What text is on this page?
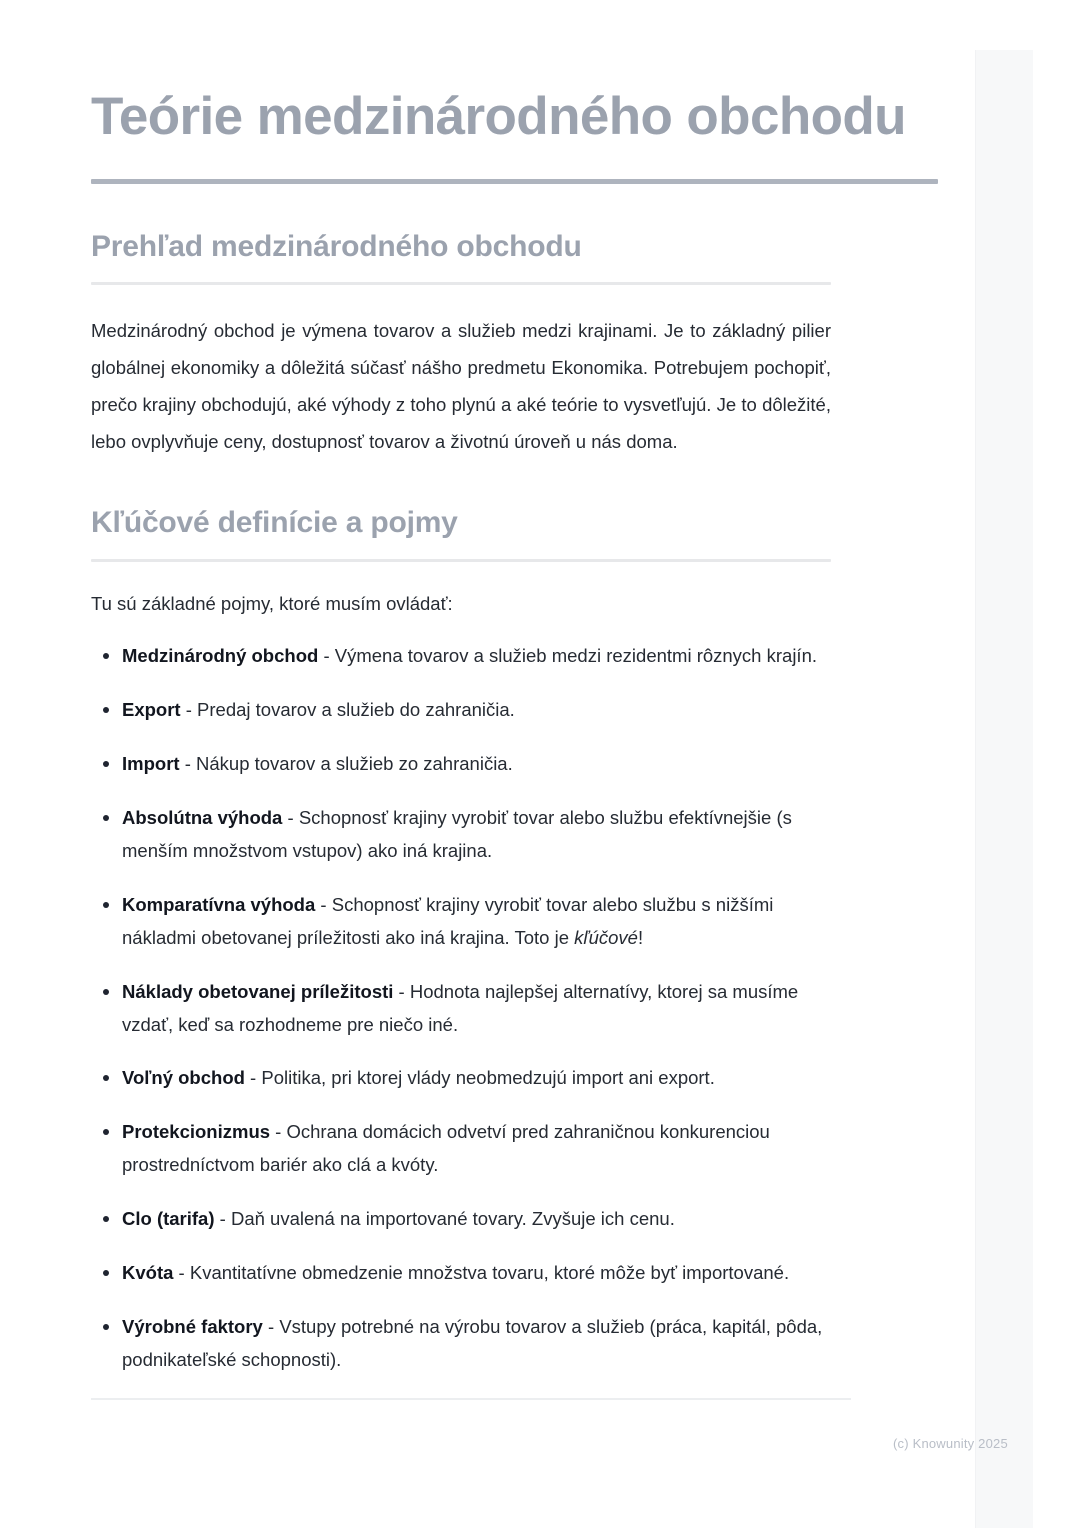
Teórie medzinárodného obchodu
Prehľad medzinárodného obchodu

Medzinárodný obchod je výmena tovarov a služieb medzi krajinami. Je to základný pilier globálnej ekonomiky a dôležitá súčasť nášho predmetu Ekonomika. Potrebujem pochopiť, prečo krajiny obchodujú, aké výhody z toho plynú a aké teórie to vysvetľujú. Je to dôležité, lebo ovplyvňuje ceny, dostupnosť tovarov a životnú úroveň u nás doma.

Kľúčové definície a pojmy

Tu sú základné pojmy, ktoré musím ovládať:

Medzinárodný obchod - Výmena tovarov a služieb medzi rezidentmi rôznych krajín.
Export - Predaj tovarov a služieb do zahraničia.
Import - Nákup tovarov a služieb zo zahraničia.
Absolútna výhoda - Schopnosť krajiny vyrobiť tovar alebo službu efektívnejšie (s menším množstvom vstupov) ako iná krajina.
Komparatívna výhoda - Schopnosť krajiny vyrobiť tovar alebo službu s nižšími nákladmi obetovanej príležitosti ako iná krajina. Toto je kľúčové!
Náklady obetovanej príležitosti - Hodnota najlepšej alternatívy, ktorej sa musíme vzdať, keď sa rozhodneme pre niečo iné.
Voľný obchod - Politika, pri ktorej vlády neobmedzujú import ani export.
Protekcionizmus - Ochrana domácich odvetví pred zahraničnou konkurenciou prostredníctvom bariér ako clá a kvóty.
Clo (tarifa) - Daň uvalená na importované tovary. Zvyšuje ich cenu.
Kvóta - Kvantitatívne obmedzenie množstva tovaru, ktoré môže byť importované.
Výrobné faktory - Vstupy potrebné na výrobu tovarov a služieb (práca, kapitál, pôda, podnikateľské schopnosti).
(c) Knowunity 2025
